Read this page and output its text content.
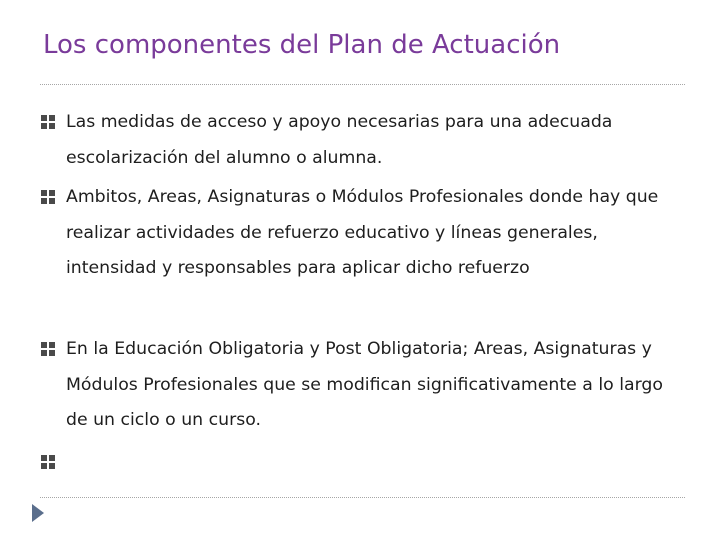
Los componentes del Plan de Actuación
Las medidas de acceso y apoyo necesarias para una adecuada escolarización del alumno o alumna.
Ambitos, Areas, Asignaturas o Módulos Profesionales donde hay que realizar actividades de refuerzo educativo y líneas generales, intensidad y responsables para aplicar dicho refuerzo
En la Educación Obligatoria y Post Obligatoria; Areas, Asignaturas y Módulos Profesionales que se modifican significativamente a lo largo de un ciclo o un curso.
